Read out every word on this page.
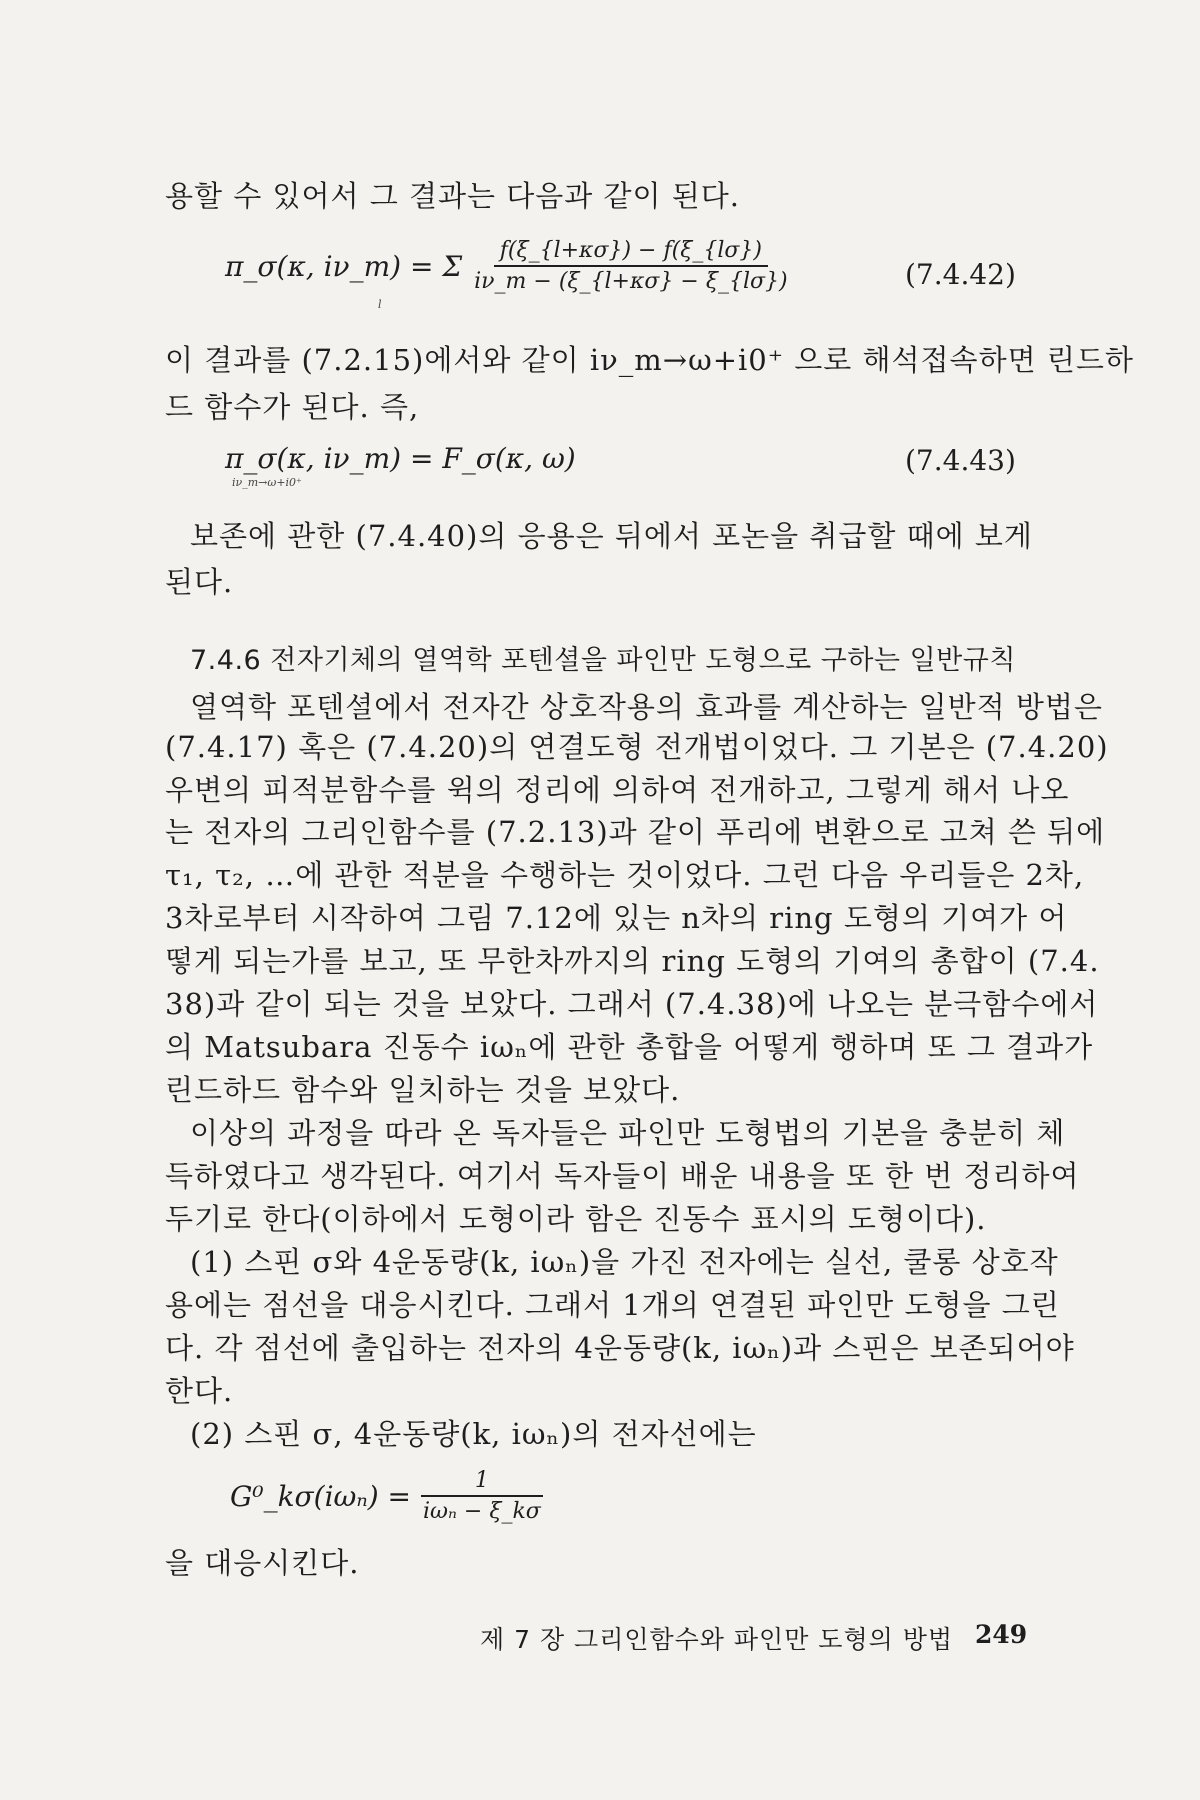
용할 수 있어서 그 결과는 다음과 같이 된다.
π_σ(κ, iν_m) = Σ $\frac{f(\xi\_\{l+\kappa\sigma\}) - f(\xi\_\{l\sigma\})}{i\nu\_m - (\xi\_\{l+\kappa\sigma\} - \xi\_\{l\sigma\})}$
l
(7.4.42)
이 결과를 (7.2.15)에서와 같이 iν_m→ω+i0⁺ 으로 해석접속하면 린드하
드 함수가 된다. 즉,
π_σ(κ, iν_m) = F_σ(κ, ω)
iν_m→ω+i0⁺
(7.4.43)
보존에 관한 (7.4.40)의 응용은 뒤에서 포논을 취급할 때에 보게
된다.
7.4.6 전자기체의 열역학 포텐셜을 파인만 도형으로 구하는 일반규칙
열역학 포텐셜에서 전자간 상호작용의 효과를 계산하는 일반적 방법은
(7.4.17) 혹은 (7.4.20)의 연결도형 전개법이었다. 그 기본은 (7.4.20)
우변의 피적분함수를 윅의 정리에 의하여 전개하고, 그렇게 해서 나오
는 전자의 그리인함수를 (7.2.13)과 같이 푸리에 변환으로 고쳐 쓴 뒤에
τ₁, τ₂, …에 관한 적분을 수행하는 것이었다. 그런 다음 우리들은 2차,
3차로부터 시작하여 그림 7.12에 있는 n차의 ring 도형의 기여가 어
떻게 되는가를 보고, 또 무한차까지의 ring 도형의 기여의 총합이 (7.4.
38)과 같이 되는 것을 보았다. 그래서 (7.4.38)에 나오는 분극함수에서
의 Matsubara 진동수 iωₙ에 관한 총합을 어떻게 행하며 또 그 결과가
린드하드 함수와 일치하는 것을 보았다.
이상의 과정을 따라 온 독자들은 파인만 도형법의 기본을 충분히 체
득하였다고 생각된다. 여기서 독자들이 배운 내용을 또 한 번 정리하여
두기로 한다(이하에서 도형이라 함은 진동수 표시의 도형이다).
(1) 스핀 σ와 4운동량(k, iωₙ)을 가진 전자에는 실선, 쿨롱 상호작
용에는 점선을 대응시킨다. 그래서 1개의 연결된 파인만 도형을 그린
다. 각 점선에 출입하는 전자의 4운동량(k, iωₙ)과 스핀은 보존되어야
한다.
(2) 스핀 σ, 4운동량(k, iωₙ)의 전자선에는
G⁰_kσ(iωₙ) = $\frac{1}{\text{iωₙ − ξ\_kσ}}$
을 대응시킨다.
제 7 장 그리인함수와 파인만 도형의 방법 249
